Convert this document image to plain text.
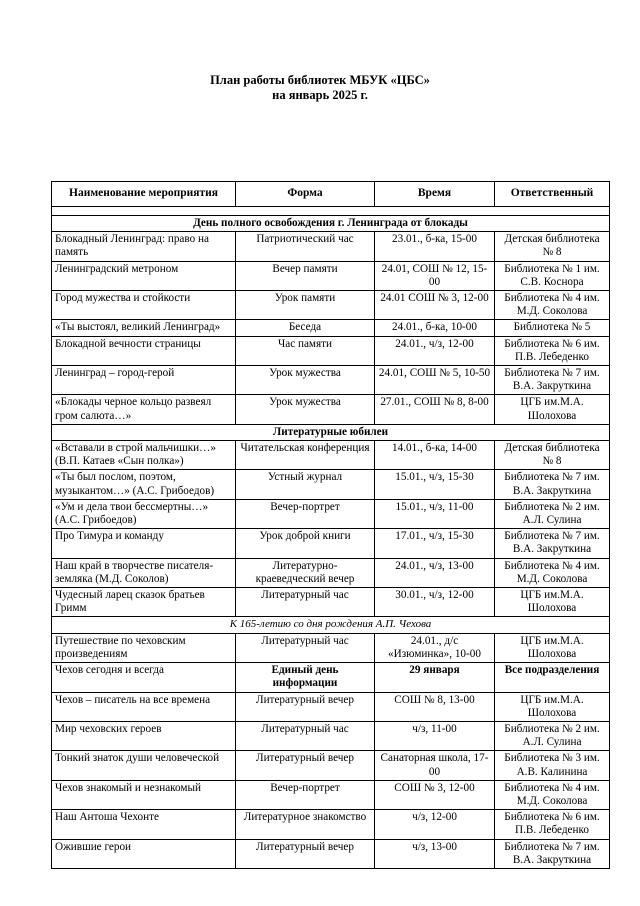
План работы библиотек МБУК «ЦБС»
на январь 2025 г.
Наименование мероприятия	Форма	Время	Ответственный

День полного освобождения г. Ленинграда от блокады			
Блокадный Ленинград: право на память	Патриотический час	23.01., б-ка, 15-00	Детская библиотека № 8
Ленинградский метроном	Вечер памяти	24.01, СОШ № 12, 15-00	Библиотека № 1 им. С.В. Коснора
Город мужества и стойкости	Урок памяти	24.01 СОШ № 3, 12-00	Библиотека № 4 им. М.Д. Соколова
«Ты выстоял, великий Ленинград»	Беседа	24.01., б-ка, 10-00	Библиотека № 5
Блокадной вечности страницы	Час памяти	24.01., ч/з, 12-00	Библиотека № 6 им. П.В. Лебеденко
Ленинград – город-герой	Урок мужества	24.01, СОШ № 5, 10-50	Библиотека № 7 им. В.А. Закруткина
«Блокады черное кольцо развеял гром салюта…»	Урок мужества	27.01., СОШ № 8, 8-00	ЦГБ им.М.А. Шолохова
Литературные юбилеи			
«Вставали в строй мальчишки…» (В.П. Катаев «Сын полка»)	Читательская конференция	14.01., б-ка, 14-00	Детская библиотека № 8
«Ты был послом, поэтом, музыкантом…» (А.С. Грибоедов)	Устный журнал	15.01., ч/з, 15-30	Библиотека № 7 им. В.А. Закруткина
«Ум и дела твои бессмертны…» (А.С. Грибоедов)	Вечер-портрет	15.01., ч/з, 11-00	Библиотека № 2 им. А.Л. Сулина
Про Тимура и команду	Урок доброй книги	17.01., ч/з, 15-30	Библиотека № 7 им. В.А. Закруткина
Наш край в творчестве писателя-земляка (М.Д. Соколов)	Литературно-краеведческий вечер	24.01., ч/з, 13-00	Библиотека № 4 им. М.Д. Соколова
Чудесный ларец сказок братьев Гримм	Литературный час	30.01., ч/з, 12-00	ЦГБ им.М.А. Шолохова
К 165-летию со дня рождения А.П. Чехова			
Путешествие по чеховским произведениям	Литературный час	24.01., д/с «Изюминка», 10-00	ЦГБ им.М.А. Шолохова
Чехов сегодня и всегда	Единый день информации	29 января	Все подразделения
Чехов – писатель на все времена	Литературный вечер	СОШ № 8, 13-00	ЦГБ им.М.А. Шолохова
Мир чеховских героев	Литературный час	ч/з, 11-00	Библиотека № 2 им. А.Л. Сулина
Тонкий знаток души человеческой	Литературный вечер	Санаторная школа, 17-00	Библиотека № 3 им. А.В. Калинина
Чехов знакомый и незнакомый	Вечер-портрет	СОШ № 3, 12-00	Библиотека № 4 им. М.Д. Соколова
Наш Антоша Чехонте	Литературное знакомство	ч/з, 12-00	Библиотека № 6 им. П.В. Лебеденко
Ожившие герои	Литературный вечер	ч/з, 13-00	Библиотека № 7 им. В.А. Закруткина
